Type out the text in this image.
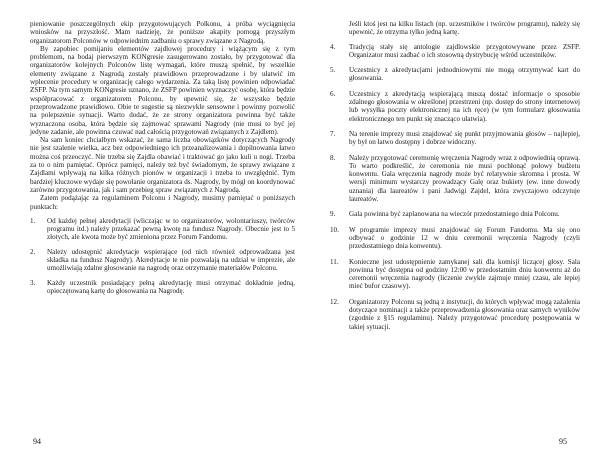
pieniowanie poszczególnych ekip przygotowujących Polkonu, a próba wyciągnięcia wniosków na przyszłość. Mam nadzieję, że poniższe akapity pomogą przyszłym organizatorom Polconów w odpowiednim zadbaniu o sprawy związane z Nagrodą.

By zapobiec pomijaniu elementów zajdlowej procedury i wiążącym się z tym problemom, na bodaj pierwszym KONgresie zasugerowano zostało, by przygotować dla organizatorów kolejnych Polconów listę wymagań, które muszą spełnić, by wszelkie elementy związane z Nagrodą zostały prawidłowo przeprowadzone i by ułatwić im wplecenie procedury w organizację całego wydarzenia. Za taką listę powinien odpowiadać ZSFP. Na tym samym KONgresie uznano, że ZSFP powinien wyznaczyć osobę, która będzie współpracować z organizatorem Polconu, by upewnić się, że wszystko będzie przeprowadzone prawidłowo. Obie te sugestie są niezwykle sensowne i powinny pozwolić na polepszenie sytuacji. Warto dodać, że ze strony organizatora powinna być także wyznaczona osoba, która będzie się zajmować sprawami Nagrody (nie musi to być jej jedyne zadanie, ale powinna czuwać nad całością przygotowań związanych z Zajdlem).

Na sam koniec chciałbym wskazać, że sama liczba obowiązków dotyczących Nagrody nie jest szalenie wielka, acz bez odpowiedniego ich przeanalizowania i dopilnowania łatwo można coś przeoczyć. Nie trzeba się Zajdla obawiać i traktować go jako kuli u nogi. Trzeba za to o nim pamiętać. Oprócz pamięci, należy też być świadomym, że sprawy związane z Zajdlami wpływają na kilka różnych pionów w organizacji i trzeba to uwzględnić. Tym bardziej kluczowe wydaje się powołanie organizatora ds. Nagrody, by mógł on koordynować zarówno przygotowania, jak i sam przebieg spraw związanych z Nagrodą.

Zatem podążając za regulaminem Polconu i Nagrody, musimy pamiętać o poniższych punktach:

1.	Od każdej pełnej akredytacji (wliczając w to organizatorów, wolontariuszy, twórców programu itd.) należy przekazać pewną kwotę na fundusz Nagrody. Obecnie jest to 5 złotych, ale kwota może być zmieniona przez Forum Fandomu.
2.	Należy udostępnić akredytacje wspierające (od nich również odprowadzana jest składka na fundusz Nagrody). Akredytacje te nie pozwalają na udział w imprezie, ale umożliwiają zdalne głosowanie na nagrodę oraz otrzymanie materiałów Polconu.
3.	Każdy uczestnik posiadający pełną akredytację musi otrzymać dokładnie jedną, opieczętowaną kartę do głosowania na Nagrodę.
94

Jeśli ktoś jest na kilku listach (np. uczestników i twórców programu), należy się upewnić, że otrzyma tylko jedną kartę.

4.	Tradycją stały się antologie zajdlowskie przygotowywane przez ZSFP. Organizator musi zadbać o ich stosowną dystrybucję wśród uczestników.
5.	Uczestnicy z akredytacjami jednodniowymi nie mogą otrzymywać kart do głosowania.
6.	Uczestnicy z akredytacją wspierającą muszą dostać informacje o sposobie zdalnego głosowania w określonej przestrzeni (np. dostęp do strony internetowej lub wysyłka poczty elektronicznej na ich ręce) (w tym formularz głosowania elektronicznego ten punkt się znacząco ułatwia).
7.	Na terenie imprezy musi znajdować się punkt przyjmowania głosów – najlepiej, by był on łatwo dostępny i dobrze widoczny.
8.	Należy przygotować ceremonię wręczenia Nagrody wraz z odpowiednią oprawą. To warto podkreślić, że ceremonia nie musi pochłonąć połowy budżetu konwentu. Gala wręczenia nagrody może być relatywnie skromna i prosta. W wersji minimum wystarczy prowadzący Galę oraz bukiety (ew. inne dowody uznania) dla laureatów i pani Jadwigi Zajdel, która zwyczajowo odczytuje laureatów.
9.	Gala powinna być zaplanowana na wieczór przedostatniego dnia Polconu.
10.	W programie imprezy musi znajdować się Forum Fandomu. Ma się ono odbywać o godzinie 12 w dniu ceremonii wręczenia Nagrody (czyli przedostatniego dnia konwentu).
11.	Konieczne jest udostępnienie zamykanej sali dla komisji liczącej głosy. Sala powinna być dostępna od godziny 12:00 w przedostatnim dniu konwentu aż do ceremonii wręczenia nagrody (liczenie zwykle zajmuje mniej czasu, ale lepiej mieć bufor czasowy).
12.	Organizatorzy Polconu są jedną z instytucji, do których wpływać mogą zażalenia dotyczące nominacji a także przeprowadzenia głosowania oraz samych wyników (zgodnie z §15 regulaminu). Należy przygotować procedurę postępowania w takiej sytuacji.
95
